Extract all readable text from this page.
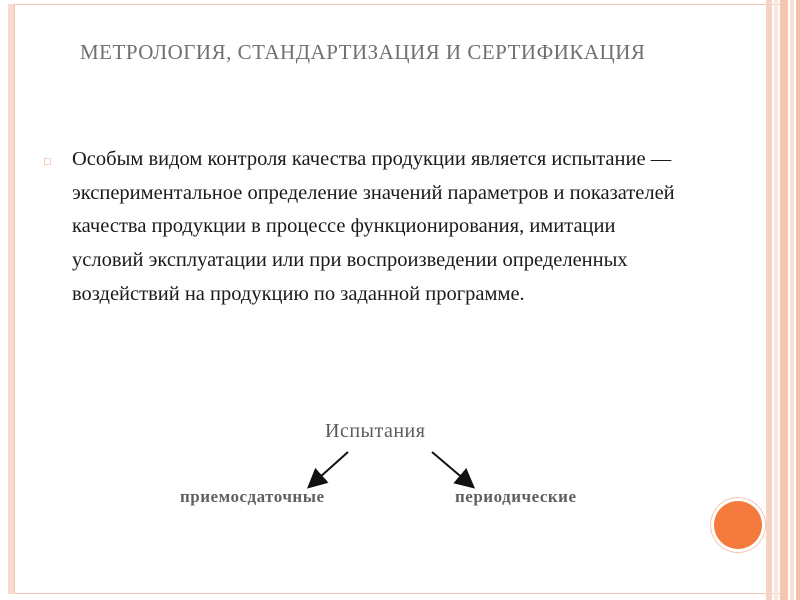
МЕТРОЛОГИЯ, СТАНДАРТИЗАЦИЯ И СЕРТИФИКАЦИЯ
□ Особым видом контроля качества продукции является испытание — экспериментальное определение значений параметров и показателей качества продукции в процессе функционирования, имитации условий эксплуатации или при воспроизведении определенных воздействий на продукцию по заданной программе.
Испытания
приемосдаточные	периодические
